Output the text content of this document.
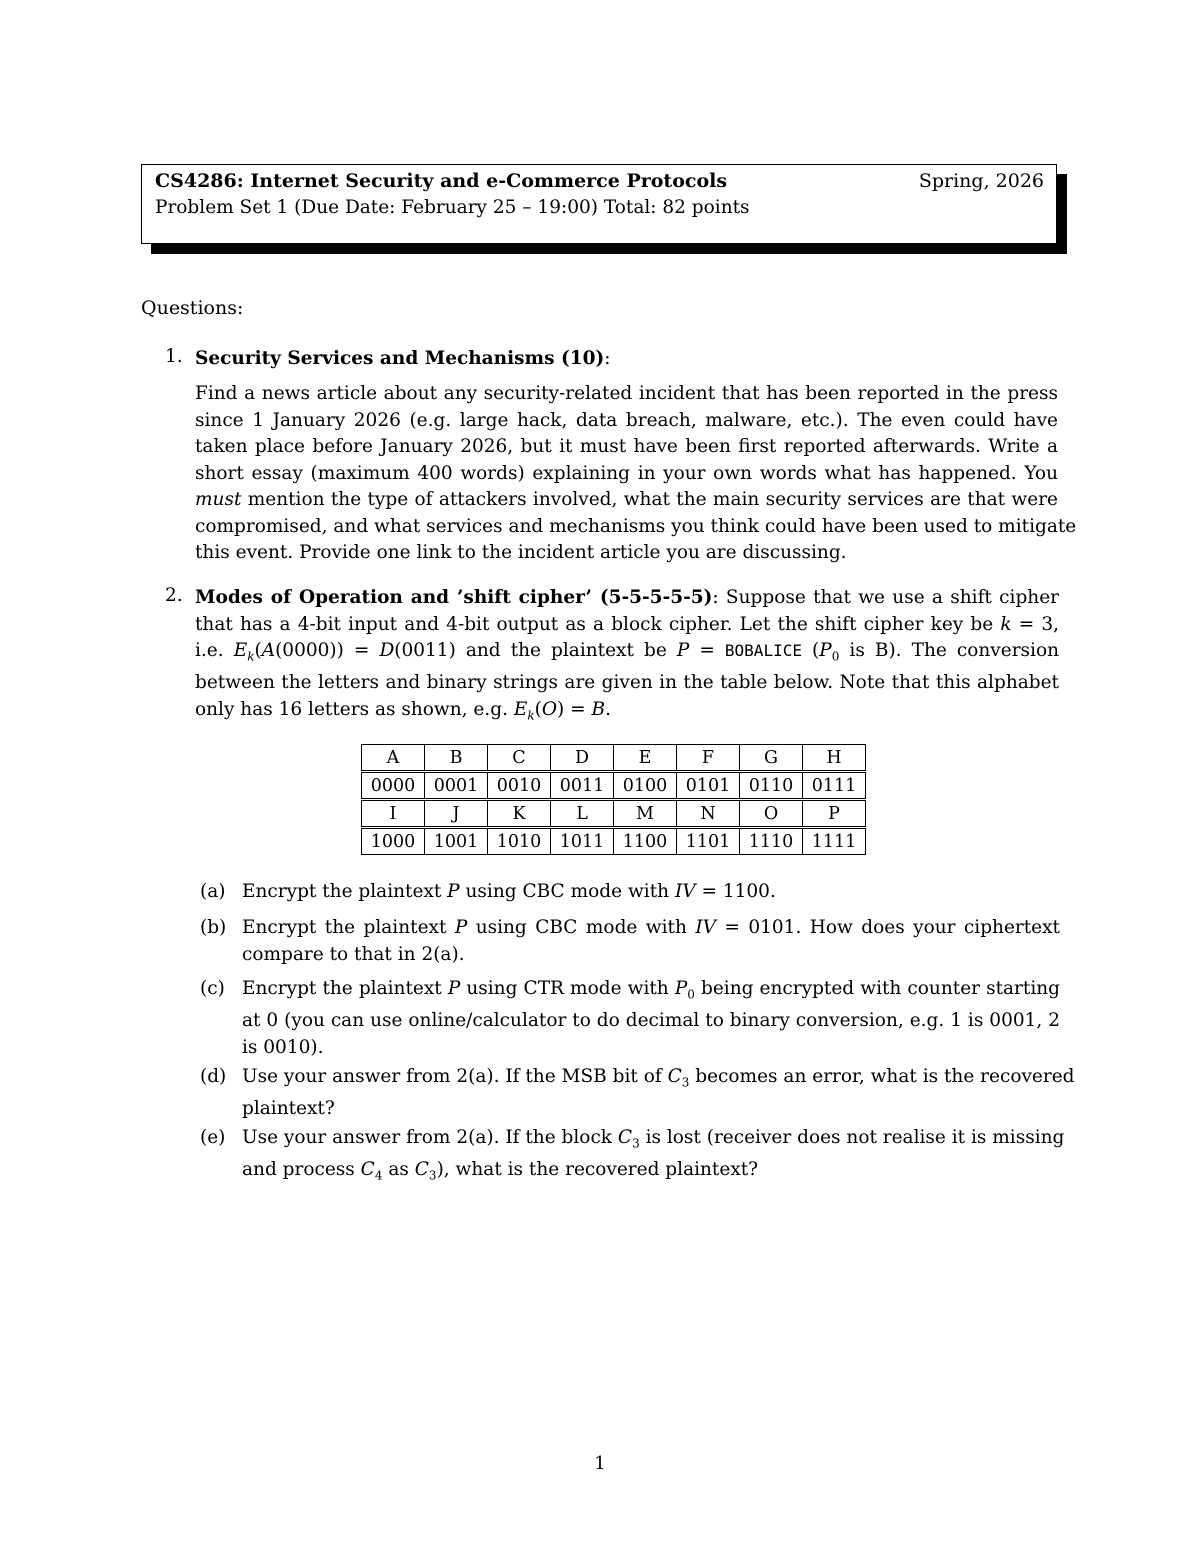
CS4286: Internet Security and e-Commerce Protocols	Spring, 2026
Problem Set 1 (Due Date: February 25 – 19:00) Total: 82 points
Questions:
1. Security Services and Mechanisms (10):
Find a news article about any security-related incident that has been reported in the press
since 1 January 2026 (e.g. large hack, data breach, malware, etc.). The even could have
taken place before January 2026, but it must have been first reported afterwards. Write a
short essay (maximum 400 words) explaining in your own words what has happened. You
must mention the type of attackers involved, what the main security services are that were
compromised, and what services and mechanisms you think could have been used to mitigate
this event. Provide one link to the incident article you are discussing.
2. Modes of Operation and ’shift cipher’ (5-5-5-5-5): Suppose that we use a shift cipher
that has a 4-bit input and 4-bit output as a block cipher. Let the shift cipher key be k = 3,
i.e. $E_k(A(0000)) = D(0011)$ and the plaintext be P = BOBALICE ($P_0$ is B). The conversion
between the letters and binary strings are given in the table below. Note that this alphabet
only has 16 letters as shown, e.g. $E_k(O) = B$.
A	B	C	D	E	F	G	H
0000	0001	0010	0011	0100	0101	0110	0111
I	J	K	L	M	N	O	P
1000	1001	1010	1011	1100	1101	1110	1111
(a) Encrypt the plaintext P using CBC mode with IV = 1100.
(b) Encrypt the plaintext P using CBC mode with IV = 0101. How does your ciphertext
compare to that in 2(a).
(c) Encrypt the plaintext P using CTR mode with $P_0$ being encrypted with counter starting
at 0 (you can use online/calculator to do decimal to binary conversion, e.g. 1 is 0001, 2
is 0010).
(d) Use your answer from 2(a). If the MSB bit of $C_3$ becomes an error, what is the recovered
plaintext?
(e) Use your answer from 2(a). If the block $C_3$ is lost (receiver does not realise it is missing
and process $C_4$ as $C_3$), what is the recovered plaintext?
1
